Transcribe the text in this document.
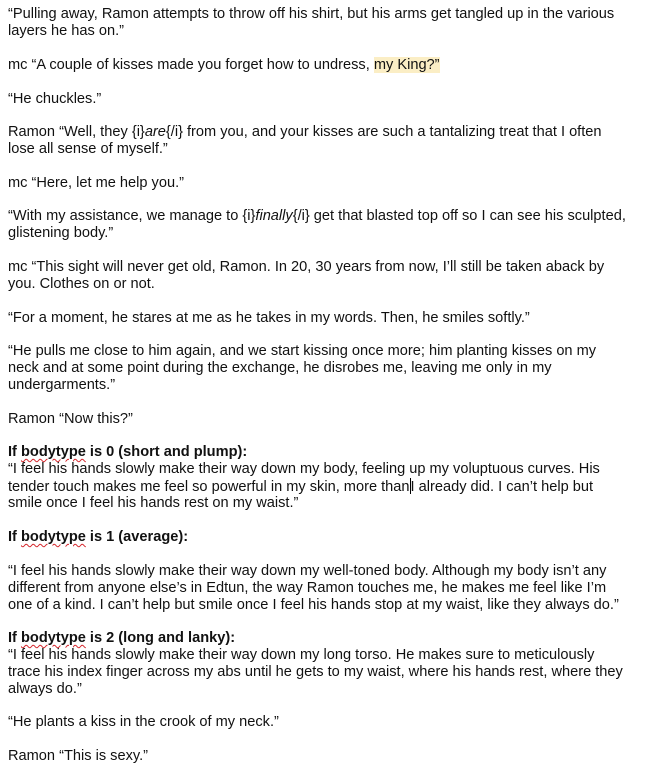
“Pulling away, Ramon attempts to throw off his shirt, but his arms get tangled up in the various

layers he has on.”

mc “A couple of kisses made you forget how to undress, my King?”

“He chuckles.”

Ramon “Well, they {i}are{/i} from you, and your kisses are such a tantalizing treat that I often

lose all sense of myself.”

mc “Here, let me help you.”

“With my assistance, we manage to {i}finally{/i} get that blasted top off so I can see his sculpted,

glistening body.”

mc “This sight will never get old, Ramon. In 20, 30 years from now, I’ll still be taken aback by

you. Clothes on or not.

“For a moment, he stares at me as he takes in my words. Then, he smiles softly.”

“He pulls me close to him again, and we start kissing once more; him planting kisses on my

neck and at some point during the exchange, he disrobes me, leaving me only in my

undergarments.”

Ramon “Now this?”

If bodytype is 0 (short and plump):

“I feel his hands slowly make their way down my body, feeling up my voluptuous curves. His

tender touch makes me feel so powerful in my skin, more thanI already did. I can’t help but

smile once I feel his hands rest on my waist.”

If bodytype is 1 (average):

“I feel his hands slowly make their way down my well-toned body. Although my body isn’t any

different from anyone else’s in Edtun, the way Ramon touches me, he makes me feel like I’m

one of a kind. I can’t help but smile once I feel his hands stop at my waist, like they always do.”

If bodytype is 2 (long and lanky):

“I feel his hands slowly make their way down my long torso. He makes sure to meticulously

trace his index finger across my abs until he gets to my waist, where his hands rest, where they

always do.”

“He plants a kiss in the crook of my neck.”

Ramon “This is sexy.”
